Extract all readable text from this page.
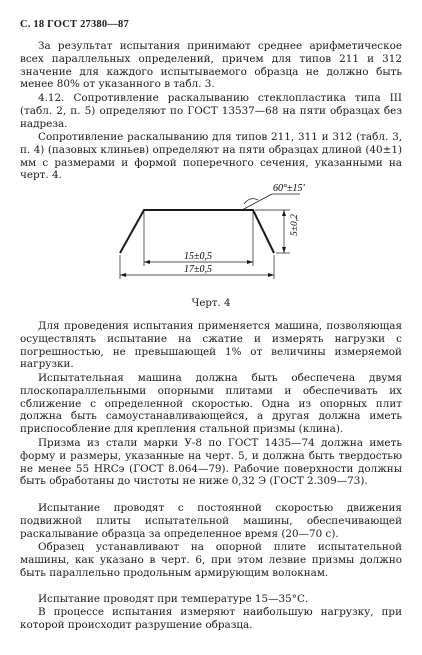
С. 18 ГОСТ 27380—87
За результат испытания принимают среднее арифметическое всех параллельных определений, причем для типов 211 и 312 значение для каждого испытываемого образца не должно быть менее 80% от указанного в табл. 3.
4.12. Сопротивление раскалыванию стеклопластика типа III (табл. 2, п. 5) определяют по ГОСТ 13537—68 на пяти образцах без надреза.
Сопротивление раскалыванию для типов 211, 311 и 312 (табл. 3, п. 4) (пазовых клиньев) определяют на пяти образцах длиной (40±1) мм с размерами и формой поперечного сечения, указанными на черт. 4.
60°±15'
5±0,2
15±0,5
17±0,5
Черт. 4
Для проведения испытания применяется машина, позволяющая осуществлять испытание на сжатие и измерять нагрузки с погрешностью, не превышающей 1% от величины измеряемой нагрузки.
Испытательная машина должна быть обеспечена двумя плоскопараллельными опорными плитами и обеспечивать их сближение с определенной скоростью. Одна из опорных плит должна быть самоустанавливающейся, а другая должна иметь приспособление для крепления стальной призмы (клина).
Призма из стали марки У-8 по ГОСТ 1435—74 должна иметь форму и размеры, указанные на черт. 5, и должна быть твердостью не менее 55 HRCэ (ГОСТ 8.064—79). Рабочие поверхности должны быть обработаны до чистоты не ниже 0,32 Э (ГОСТ 2.309—73).
Испытание проводят с постоянной скоростью движения подвижной плиты испытательной машины, обеспечивающей раскалывание образца за определенное время (20—70 с).
Образец устанавливают на опорной плите испытательной машины, как указано в черт. 6, при этом лезвие призмы должно быть параллельно продольным армирующим волокнам.
Испытание проводят при температуре 15—35°С.
В процессе испытания измеряют наибольшую нагрузку, при которой происходит разрушение образца.
